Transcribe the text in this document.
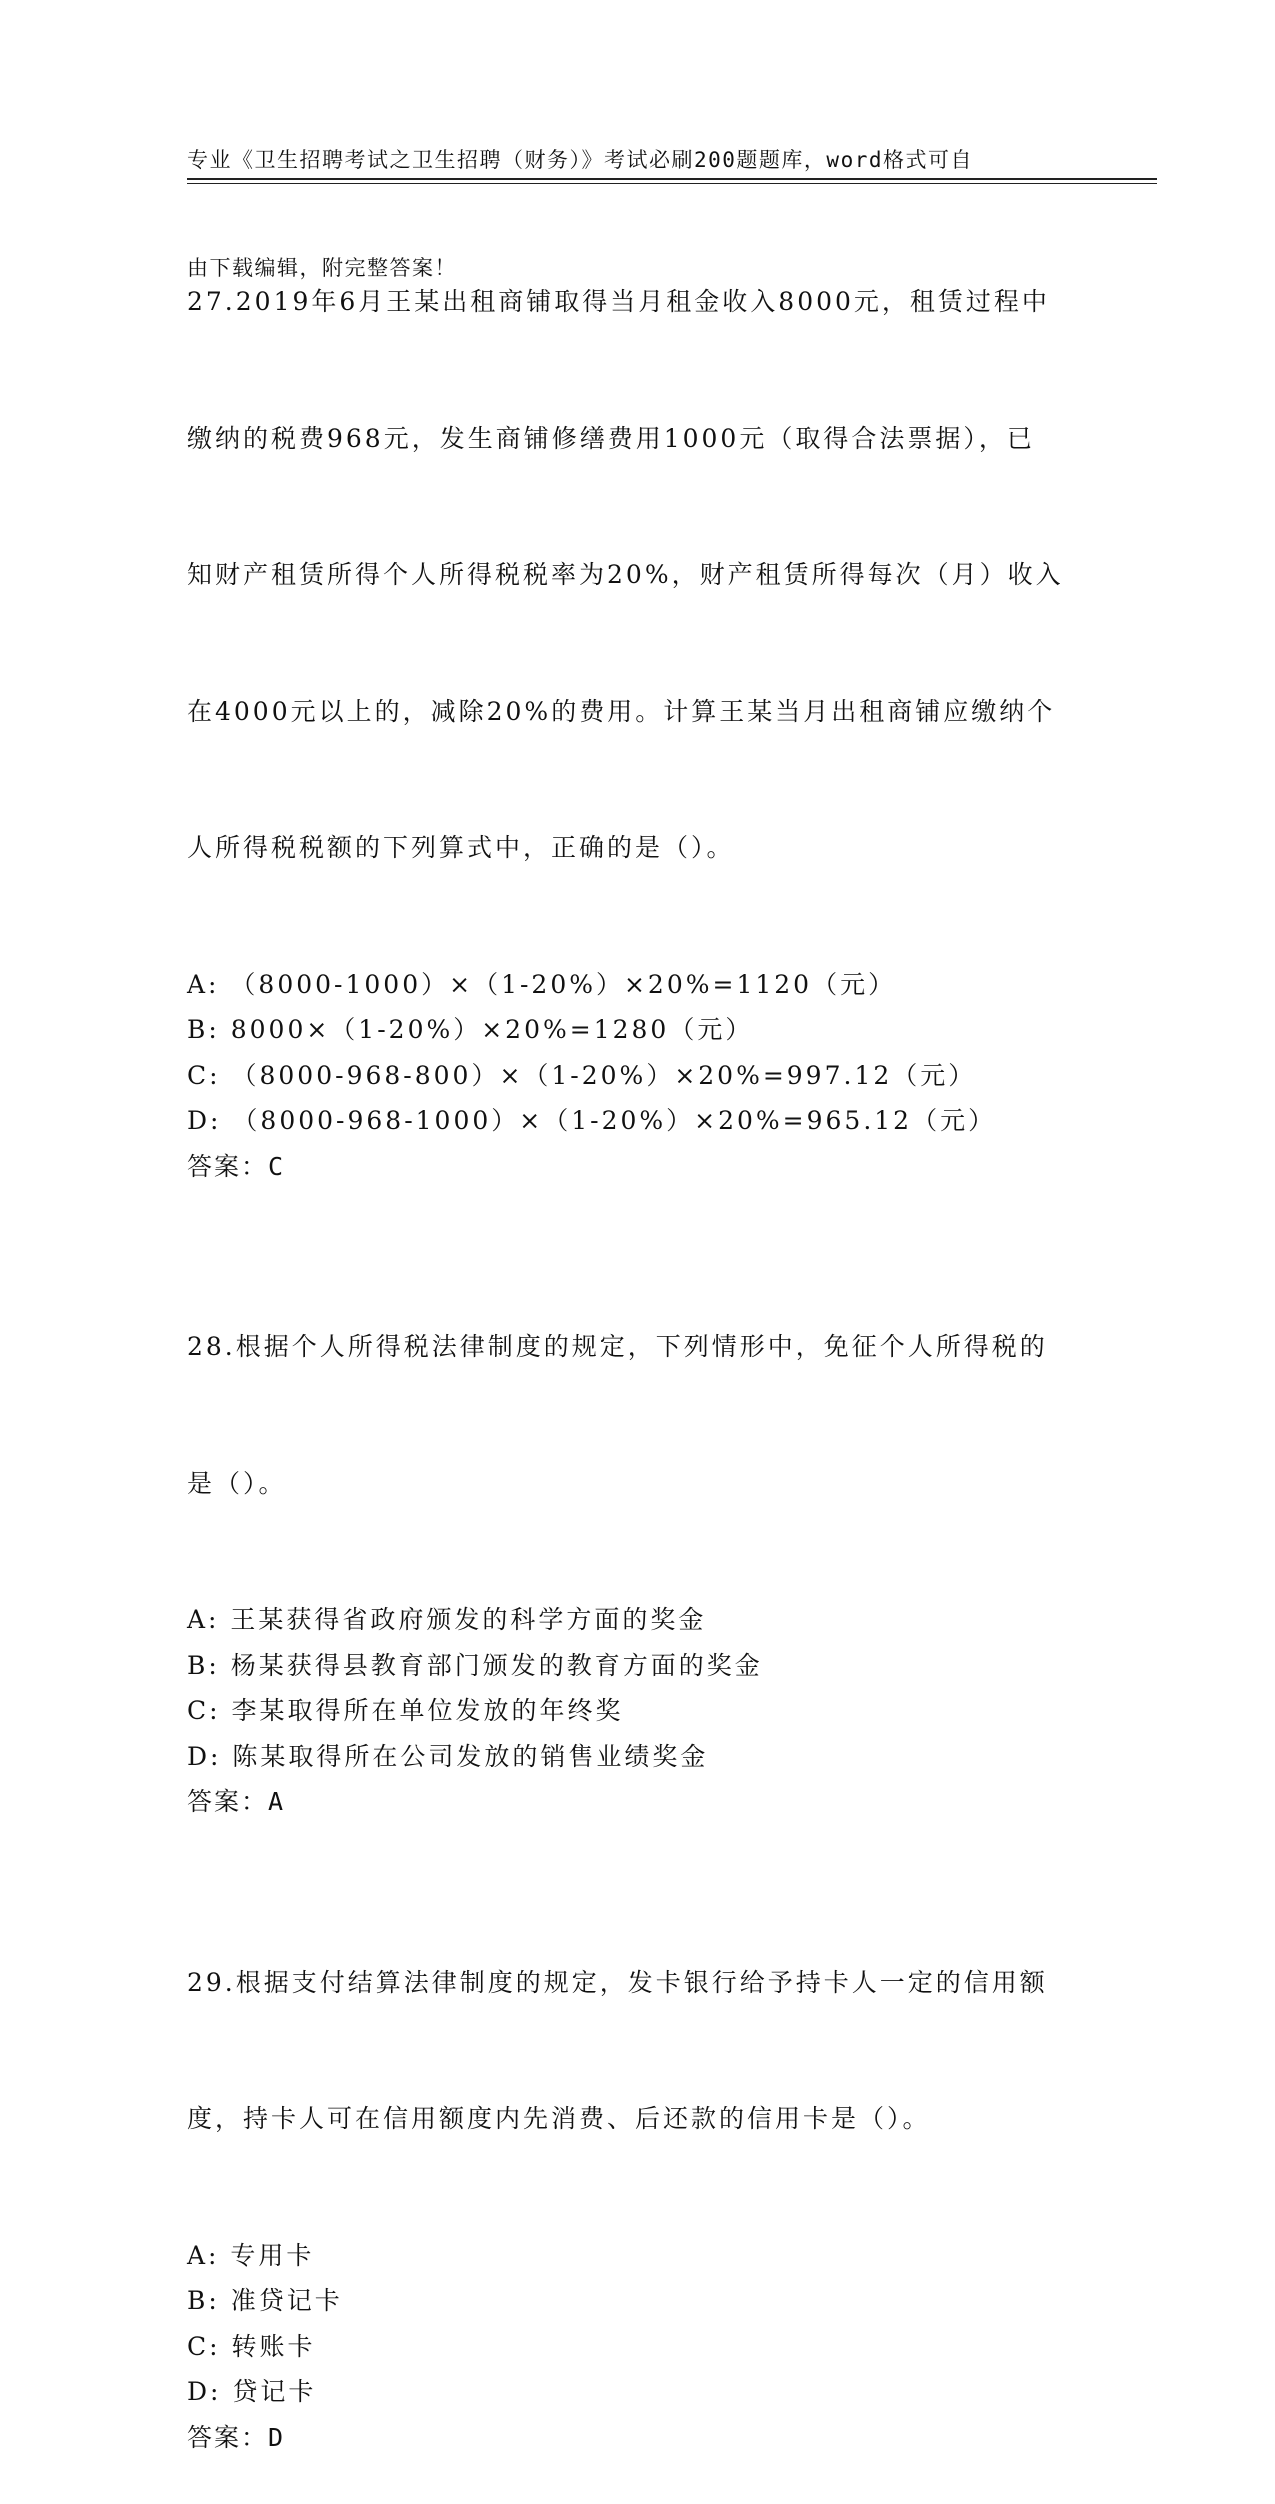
专业《卫生招聘考试之卫生招聘（财务）》考试必刷200题题库，word格式可自

由下载编辑，附完整答案！

27.2019年6月王某出租商铺取得当月租金收入8000元，租赁过程中

缴纳的税费968元，发生商铺修缮费用1000元（取得合法票据），已

知财产租赁所得个人所得税税率为20%，财产租赁所得每次（月）收入

在4000元以上的，减除20%的费用。计算王某当月出租商铺应缴纳个

人所得税税额的下列算式中，正确的是（）。

A: （8000-1000）×（1-20%）×20%=1120（元）
B: 8000×（1-20%）×20%=1280（元）
C: （8000-968-800）×（1-20%）×20%=997.12（元）
D: （8000-968-1000）×（1-20%）×20%=965.12（元）
答案：C

28.根据个人所得税法律制度的规定，下列情形中，免征个人所得税的

是（）。

A: 王某获得省政府颁发的科学方面的奖金
B: 杨某获得县教育部门颁发的教育方面的奖金
C: 李某取得所在单位发放的年终奖
D: 陈某取得所在公司发放的销售业绩奖金
答案：A

29.根据支付结算法律制度的规定，发卡银行给予持卡人一定的信用额

度，持卡人可在信用额度内先消费、后还款的信用卡是（）。

A: 专用卡
B: 准贷记卡
C: 转账卡
D: 贷记卡
答案：D
